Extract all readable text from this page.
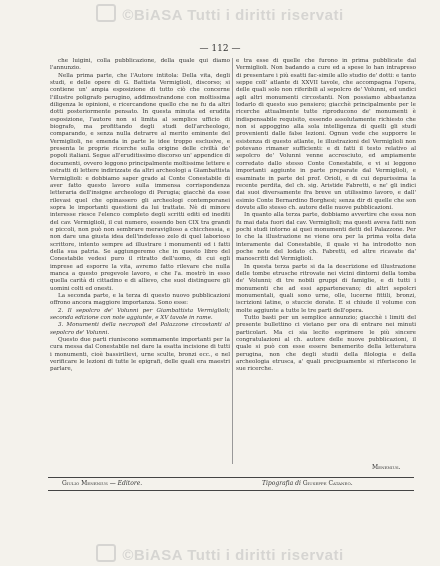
©BiASA Tutti i diritti riservati
— 112 —

che luigini, colla pubblicazione, della quale qui diamo l'annunzio.

Nella prima parte, che l'Autore intitola: Della vita, degli studi, e delle opere di G. Battista Vermiglioli, discorso; si contiene un' ampia esposizione di tutto ciò che concerne l'illustre poligrafo perugino, addimostrandone con moltissima diligenza le opinioni, e ricercandone quello che ne fu da altri dotti posteriormente pensato. In questa minuta ed erudita esposizione, l'autore non si limita al semplice ufficio di biografo, ma profittando degli studi dell'archeologo, comparando, e senza nulla detrarre al merito eminente del Vermiglioli, ne emenda in parte le idee troppo esclusive, e presenta le proprie ricerche sulla origine delle civiltà de' popoli italiani. Segue all'eruditissimo discorso un' appendice di documenti, ovvero leggono principalmente moltissime lettere e estratti di lettere indirizzate da altri archeologi a Giambattista Vermiglioli: e dobbiamo saper grado al Conte Conestabile di aver fatto questo lavoro sulla immensa corrispondenza letteraria dell'insigne archeologo di Perugia; giacchè da esse rilevasi quel che opinassero gli archeologi contemporanei sopra le importanti questioni da lui trattate. Nè di minore interesse riesce l'elenco completo degli scritti editi ed inediti del cav. Vermiglioli, il cui numero, essendo ben CIX tra grandi e piccoli, non può non sembrare meraviglioso a chicchessia, e non dare una giusta idea dell'indefesso zelo di quel laborioso scrittore, intento sempre ad illustrare i monumenti ed i fatti della sua patria. Se aggiungeremo che in questo libro del Conestabile vedesi puro il ritratto dell'uomo, di cui egli imprese ad esporre la vita, avremo fatto rilevare che nulla manca a questo pregevole lavoro, e che l'a. mostrò in esso quella carità di cittadino e di allievo, che suol distinguere gli uomini colti ed onesti.

La seconda parte, e la terza di questo nuovo pubblicazioni offrono ancora maggiore importanza. Sono esse:

2. Il sepolcro de' Volunni per Giambattista Vermiglioli; seconda edizione con note aggiunte, e XV tavole in rame.

3. Monumenti della necropoli del Palazzone circostanti al sepolcro de' Volunni.

Questo due parti riuniscono sommamente importanti per la cura messa dal Conestabile nel dare la esatta incisione di tutti i monumenti, cioè bassirilievi, urne sculte, bronzi ecc., e nel verificare le lezioni di tutte le epigrafi, delle quali era maestri parlare,

e tra esse di quelle che furono in prima pubblicate dal Vermiglioli. Non badando a cure ed a spese lo han intrapreso di presentare i più esatti fac-simile allo studio de' dotti: e tanto seppe coll' atlante di XXVII tavole, che accompagna l'opera, delle quali solo non riferibili al sepolcro de' Volunni, ed undici agli altri monumenti circostanti. Non possiamo abbastanza lodarlo di questo suo pensiero; giacchè principalmente per le ricerche attualmente tutte riproducono de' monumenti è indispensabile requisito, essendo assolutamente richiesto che non si appoggino alla sola intelligenza di quelli gli studi provenienti dalle false lezioni. Ognun vede che supporre le esistenza di questo atlante, le illustrazioni del Vermiglioli non potevano rimaner sufficienti: e di fatti il testo relativo al sepolcro de' Volunni venne accresciuto, ed ampiamente corredato dallo stesso Conte Conestabile, e vi si leggono importanti aggiunte in parte preparate dal Vermiglioli, e esaminate in parte del prof. Orioli, e di cui depurissima la recente perdita, del ch. sig. Aristide Fabretti, e ne' gli indici dai suoi diversamente fra breve un utilissimo lavoro, e dall' esimio Conte Bernardino Borghesi; senza dir di quelle che son dovute allo stesso ch. autore delle nuove pubblicazioni.

In quanto alla terza parte, dobbiamo avvertire che essa non fu mai data fuori dal cav. Vermiglioli; ma questi aveva fatti non pochi studi intorno ai quei monumenti detti del Palazzone. Per lo che la illustrazione ne viene ora per la prima volta data interamente dal Conestabile, il quale vi ha introdotto non poche note del lodato ch. Fabretti, ed altre ricavate da' manoscritti del Vermiglioli.

In questa terza parte si da la descrizione ed illustrazione delle tombe etrusche ritrovate nei vicini dintorni della tomba de' Volunni; di tre nobili gruppi di famiglie, e di tutti i monumenti che ad essi appartenevano; di altri sepolcri monumentali, quali sono urne, olle, lucerne fittili, bronzi, iscrizioni latine, o stuccie dorate. E si chiude il volume con molte aggiunte a tutte le tre parti dell'opera.

Tutto basti per un semplice annunzio; giacchè i limiti del presente bullettino ci vietano per ora di entrare nei minuti particolari. Ma ci sia lecito esprimere le più sincere congratulazioni al ch. autore delle nuove pubblicazioni, il quale si può con esse essere benemerito della letteratura perugina, non che degli studii della filologia e della archeologia etrusca, a' quali precipuamente si riferiscono le sue ricerche.

Menenius.
Giulio Menenius — Editore.	Tipografia di Giuseppe Cataneo.
©BiASA Tutti i diritti riservati
